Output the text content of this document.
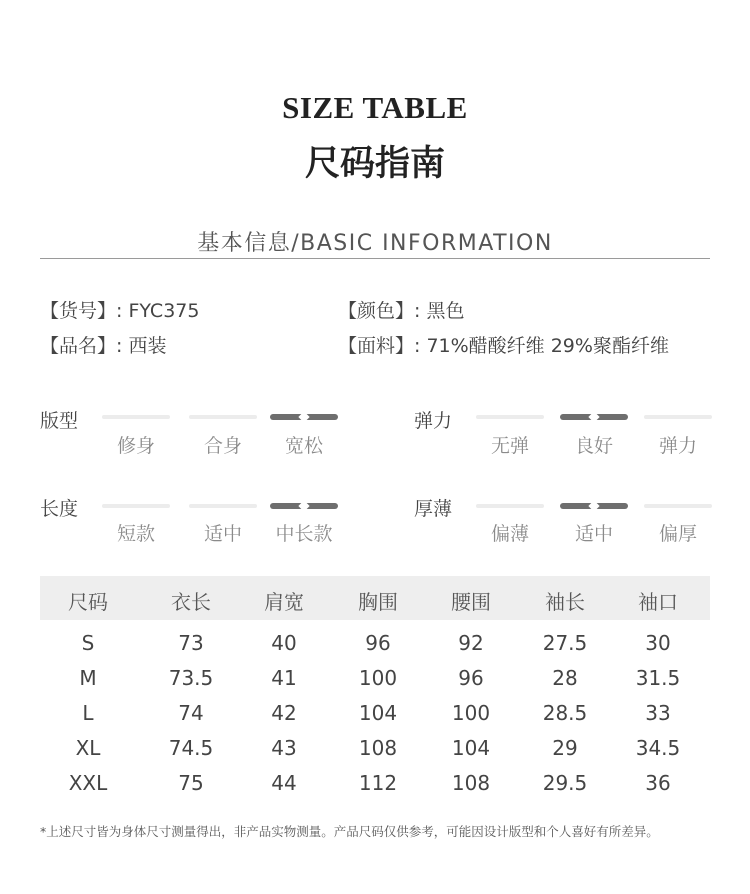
SIZE TABLE
尺码指南
基本信息/BASIC INFORMATION
【货号】: FYC375	【颜色】: 黑色
【品名】: 西装	【面料】: 71%醋酸纤维 29%聚酯纤维
版型
修身	合身	宽松
弹力
无弹	良好	弹力
长度
短款	适中	中长款
厚薄
偏薄	适中	偏厚
尺码	衣长	肩宽	胸围	腰围	袖长	袖口
S	73	40	96	92	27.5	30
M	73.5	41	100	96	28	31.5
L	74	42	104	100	28.5	33
XL	74.5	43	108	104	29	34.5
XXL	75	44	112	108	29.5	36
*上述尺寸皆为身体尺寸测量得出，非产品实物测量。产品尺码仅供参考，可能因设计版型和个人喜好有所差异。
